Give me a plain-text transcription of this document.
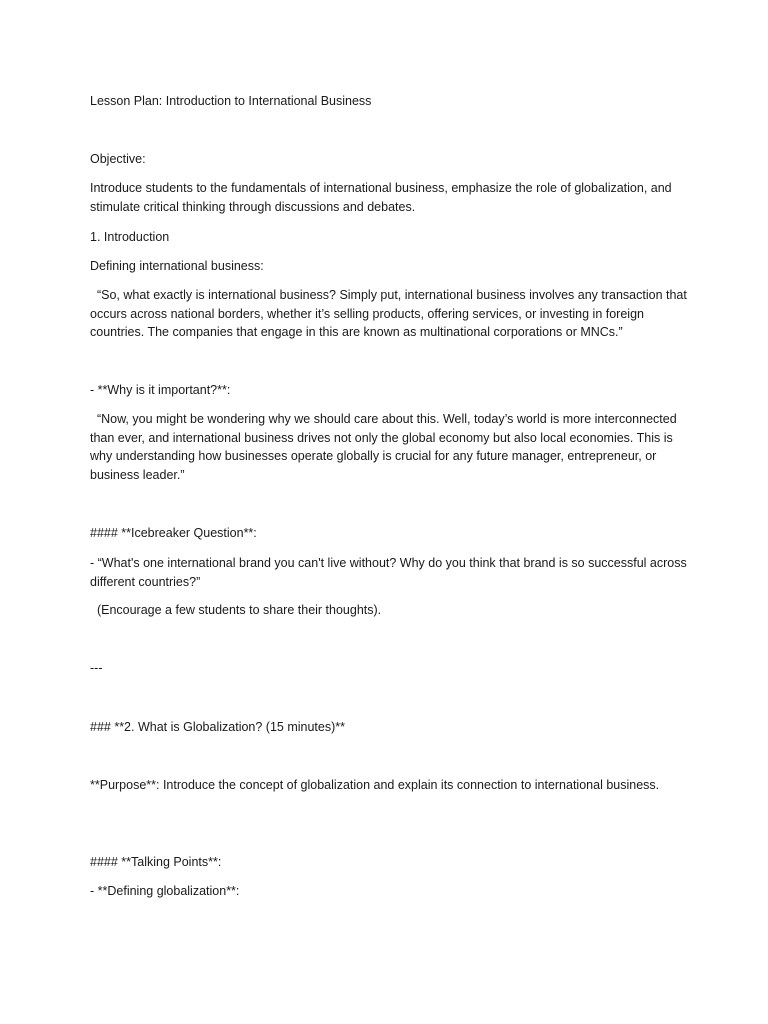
Lesson Plan: Introduction to International Business

Objective:

Introduce students to the fundamentals of international business, emphasize the role of globalization, and stimulate critical thinking through discussions and debates.

1. Introduction

Defining international business:

“So, what exactly is international business? Simply put, international business involves any transaction that occurs across national borders, whether it’s selling products, offering services, or investing in foreign countries. The companies that engage in this are known as multinational corporations or MNCs.”

- **Why is it important?**:

“Now, you might be wondering why we should care about this. Well, today’s world is more interconnected than ever, and international business drives not only the global economy but also local economies. This is why understanding how businesses operate globally is crucial for any future manager, entrepreneur, or business leader.”

#### **Icebreaker Question**:

- “What's one international brand you can't live without? Why do you think that brand is so successful across different countries?”

(Encourage a few students to share their thoughts).

---

### **2. What is Globalization? (15 minutes)**

**Purpose**: Introduce the concept of globalization and explain its connection to international business.

#### **Talking Points**:

- **Defining globalization**:
